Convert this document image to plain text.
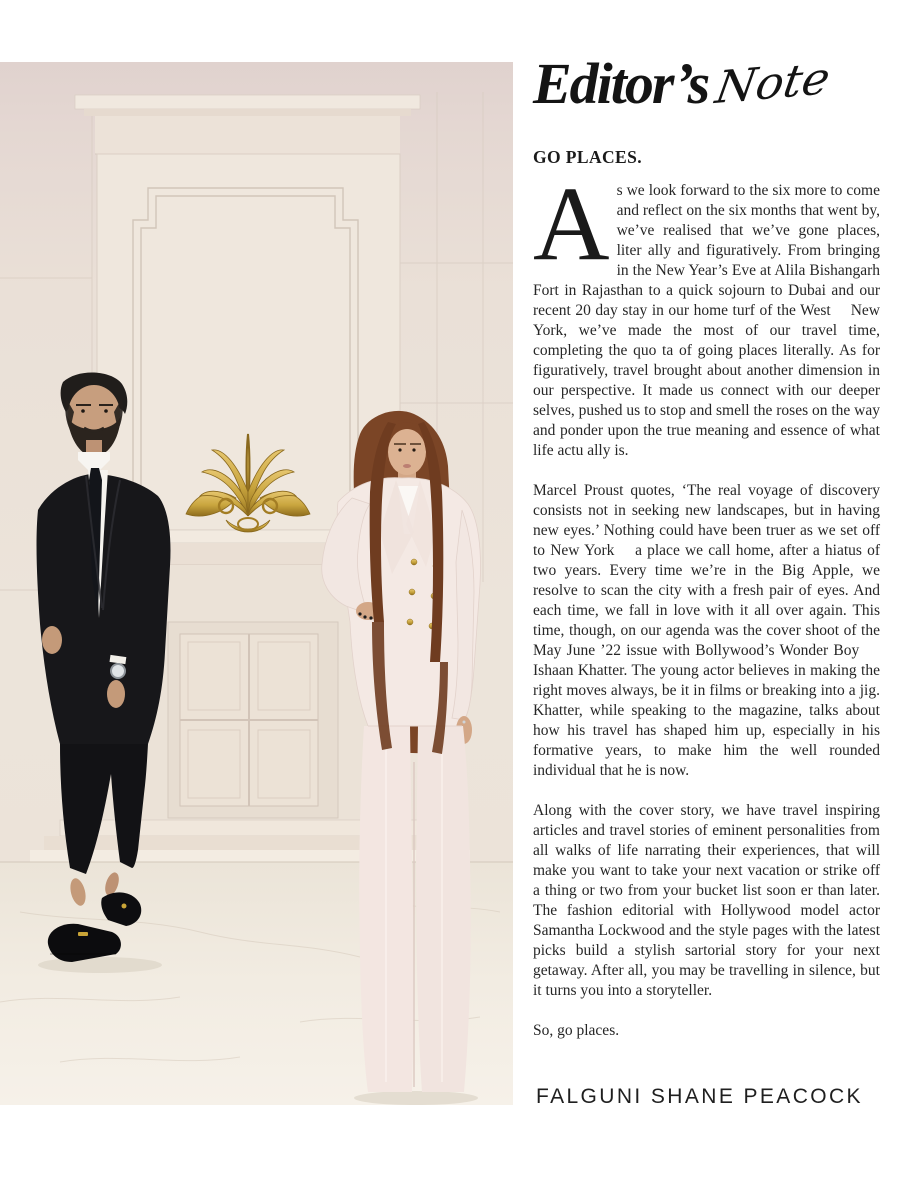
Editor’sNote
GO PLACES.

As we look forward to the six more to come and reflect on the six months that went by, we’ve realised that we’ve gone places, liter ally and figuratively. From bringing in the New Year’s Eve at Alila Bishangarh Fort in Rajasthan to a quick sojourn to Dubai and our recent 20 day stay in our home turf of the West  New York, we’ve made the most of our travel time, completing the quo ta of going places literally. As for figuratively, travel brought about another dimension in our perspective. It made us connect with our deeper selves, pushed us to stop and smell the roses on the way and ponder upon the true meaning and essence of what life actu ally is.

Marcel Proust quotes, ‘The real voyage of discovery consists not in seeking new landscapes, but in having new eyes.’ Nothing could have been truer as we set off to New York  a place we call home, after a hiatus of two years. Every time we’re in the Big Apple, we resolve to scan the city with a fresh pair of eyes. And each time, we fall in love with it all over again. This time, though, on our agenda was the cover shoot of the May June ’22 issue with Bollywood’s Wonder Boy  Ishaan Khatter. The young actor believes in making the right moves always, be it in films or breaking into a jig. Khatter, while speaking to the magazine, talks about how his travel has shaped him up, especially in his formative years, to make him the well rounded individual that he is now.

Along with the cover story, we have travel inspiring articles and travel stories of eminent personalities from all walks of life narrating their experiences, that will make you want to take your next vacation or strike off a thing or two from your bucket list soon er than later. The fashion editorial with Hollywood model actor Samantha Lockwood and the style pages with the latest picks build a stylish sartorial story for your next getaway. After all, you may be travelling in silence, but it turns you into a storyteller.

So, go places.

FALGUNI SHANE PEACOCK
